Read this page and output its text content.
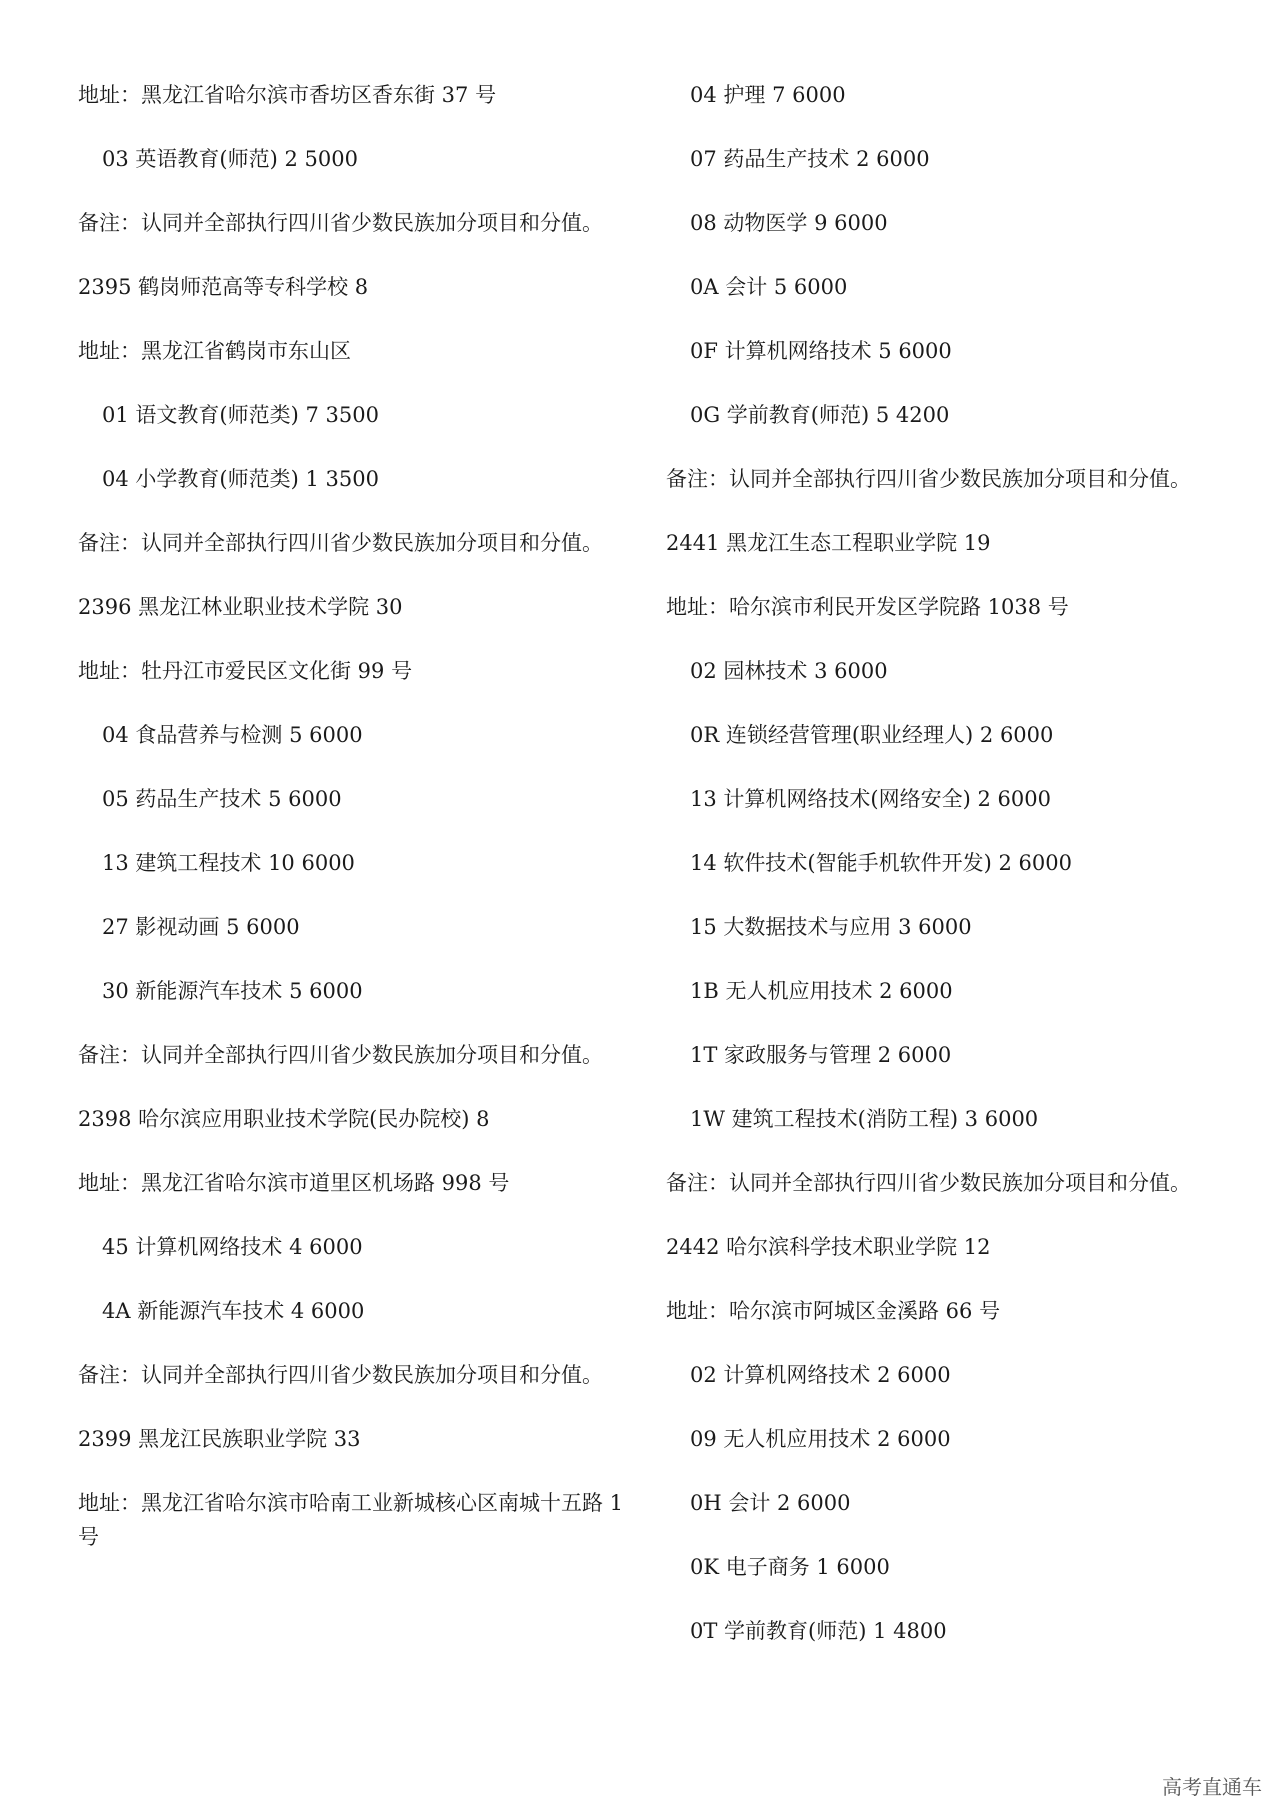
地址：黑龙江省哈尔滨市香坊区香东街 37 号
03 英语教育(师范) 2 5000
备注：认同并全部执行四川省少数民族加分项目和分值。
2395 鹤岗师范高等专科学校 8
地址：黑龙江省鹤岗市东山区
01 语文教育(师范类) 7 3500
04 小学教育(师范类) 1 3500
备注：认同并全部执行四川省少数民族加分项目和分值。
2396 黑龙江林业职业技术学院 30
地址：牡丹江市爱民区文化街 99 号
04 食品营养与检测 5 6000
05 药品生产技术 5 6000
13 建筑工程技术 10 6000
27 影视动画 5 6000
30 新能源汽车技术 5 6000
备注：认同并全部执行四川省少数民族加分项目和分值。
2398 哈尔滨应用职业技术学院(民办院校) 8
地址：黑龙江省哈尔滨市道里区机场路 998 号
45 计算机网络技术 4 6000
4A 新能源汽车技术 4 6000
备注：认同并全部执行四川省少数民族加分项目和分值。
2399 黑龙江民族职业学院 33
地址：黑龙江省哈尔滨市哈南工业新城核心区南城十五路 1 号
04 护理 7 6000
07 药品生产技术 2 6000
08 动物医学 9 6000
0A 会计 5 6000
0F 计算机网络技术 5 6000
0G 学前教育(师范) 5 4200
备注：认同并全部执行四川省少数民族加分项目和分值。
2441 黑龙江生态工程职业学院 19
地址：哈尔滨市利民开发区学院路 1038 号
02 园林技术 3 6000
0R 连锁经营管理(职业经理人) 2 6000
13 计算机网络技术(网络安全) 2 6000
14 软件技术(智能手机软件开发) 2 6000
15 大数据技术与应用 3 6000
1B 无人机应用技术 2 6000
1T 家政服务与管理 2 6000
1W 建筑工程技术(消防工程) 3 6000
备注：认同并全部执行四川省少数民族加分项目和分值。
2442 哈尔滨科学技术职业学院 12
地址：哈尔滨市阿城区金溪路 66 号
02 计算机网络技术 2 6000
09 无人机应用技术 2 6000
0H 会计 2 6000
0K 电子商务 1 6000
0T 学前教育(师范) 1 4800
高考直通车
